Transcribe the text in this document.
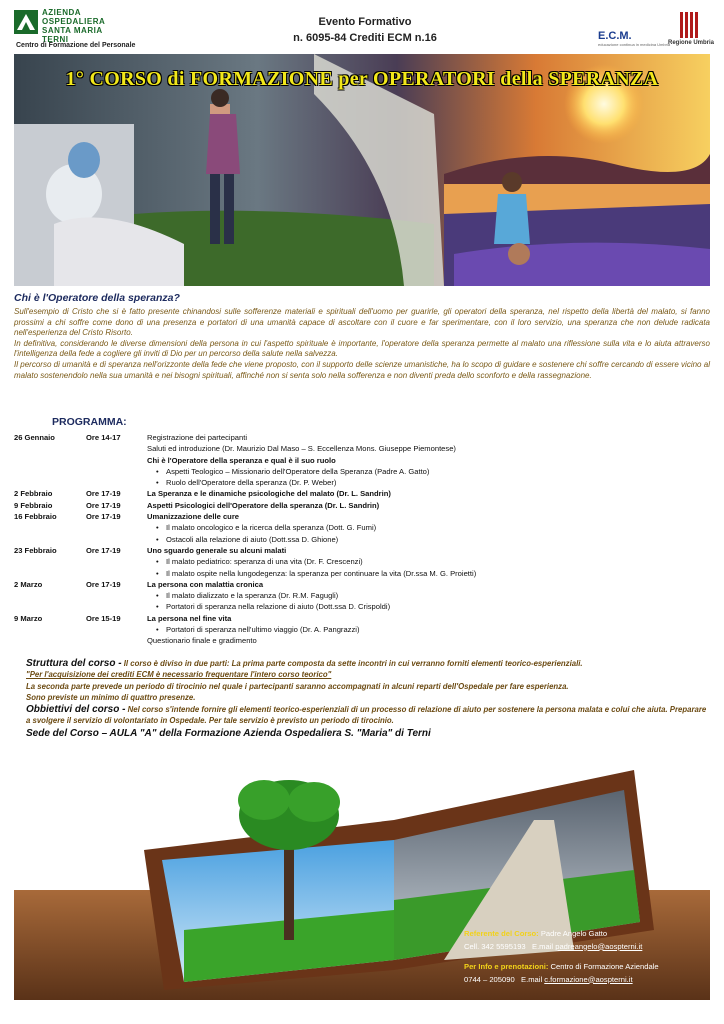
AZIENDA
OSPEDALIERA
SANTA MARIA
TERNI
Centro di Formazione del Personale
Evento Formativo
n. 6095-84 Crediti ECM n.16	E.C.M.
educazione continua in medicina Umbria
Regione Umbria
1° CORSO di FORMAZIONE per OPERATORI della SPERANZA
Chi è l'Operatore della speranza?

Sull'esempio di Cristo che si è fatto presente chinandosi sulle sofferenze materiali e spirituali dell'uomo per guarirle, gli operatori della speranza, nel rispetto della libertà del malato, si fanno prossimi a chi soffre come dono di una presenza e portatori di una umanità capace di ascoltare con il cuore e far sperimentare, con il loro servizio, una speranza che non delude radicata nell'esperienza del Cristo Risorto.

In definitiva, considerando le diverse dimensioni della persona in cui l'aspetto spirituale è importante, l'operatore della speranza permette al malato una riflessione sulla vita e lo aiuta attraverso l'intelligenza della fede a cogliere gli inviti di Dio per un percorso della salute nella salvezza.

Il percorso di umanità e di speranza nell'orizzonte della fede che viene proposto, con il supporto delle scienze umanistiche, ha lo scopo di guidare e sostenere chi soffre cercando di essere vicino al malato sostenendolo nella sua umanità e nei bisogni spirituali, affinché non si senta solo nella sofferenza e non diventi preda dello sconforto e della rassegnazione.

PROGRAMMA:
26 Gennaio	Ore 14-17	Registrazione dei partecipanti
Saluti ed introduzione (Dr. Maurizio Dal Maso – S. Eccellenza Mons. Giuseppe Piemontese)
Chi è l'Operatore della speranza e qual è il suo ruolo
• Aspetti Teologico – Missionario dell'Operatore della Speranza (Padre A. Gatto)
• Ruolo dell'Operatore della speranza (Dr. P. Weber)
2 Febbraio	Ore 17-19	La Speranza e le dinamiche psicologiche del malato (Dr. L. Sandrin)
9 Febbraio	Ore 17-19	Aspetti Psicologici dell'Operatore della speranza (Dr. L. Sandrin)
16 Febbraio	Ore 17-19	Umanizzazione delle cure
• Il malato oncologico e la ricerca della speranza (Dott. G. Fumi)
• Ostacoli alla relazione di aiuto (Dott.ssa D. Ghione)
23 Febbraio	Ore 17-19	Uno sguardo generale su alcuni malati
• Il malato pediatrico: speranza di una vita (Dr. F. Crescenzi)
• Il malato ospite nella lungodegenza: la speranza per continuare la vita (Dr.ssa M. G. Proietti)
2 Marzo	Ore 17-19	La persona con malattia cronica
• Il malato dializzato e la speranza (Dr. R.M. Fagugli)
• Portatori di speranza nella relazione di aiuto (Dott.ssa D. Crispoldi)
9 Marzo	Ore 15-19	La persona nel fine vita
• Portatori di speranza nell'ultimo viaggio (Dr. A. Pangrazzi)
Questionario finale e gradimento
Struttura del corso - Il corso è diviso in due parti: La prima parte composta da sette incontri in cui verranno forniti elementi teorico-esperienziali.
"Per l'acquisizione dei crediti ECM è necessario frequentare l'intero corso teorico"
La seconda parte prevede un periodo di tirocinio nel quale i partecipanti saranno accompagnati in alcuni reparti dell'Ospedale per fare esperienza.
Sono previste un minimo di quattro presenze.
Obbiettivi del corso - Nel corso s'intende fornire gli elementi teorico-esperienziali di un processo di relazione di aiuto per sostenere la persona malata e colui che aiuta. Preparare a svolgere il servizio di volontariato in Ospedale. Per tale servizio è previsto un periodo di tirocinio.
Sede del Corso – AULA "A" della Formazione Azienda Ospedaliera S. "Maria" di Terni
Referente del Corso: Padre Angelo Gatto
Cell. 342 5595193 E.mail padreangelo@aospterni.it
Per Info e prenotazioni: Centro di Formazione Aziendale
0744 – 205090 E.mail c.formazione@aospterni.it
